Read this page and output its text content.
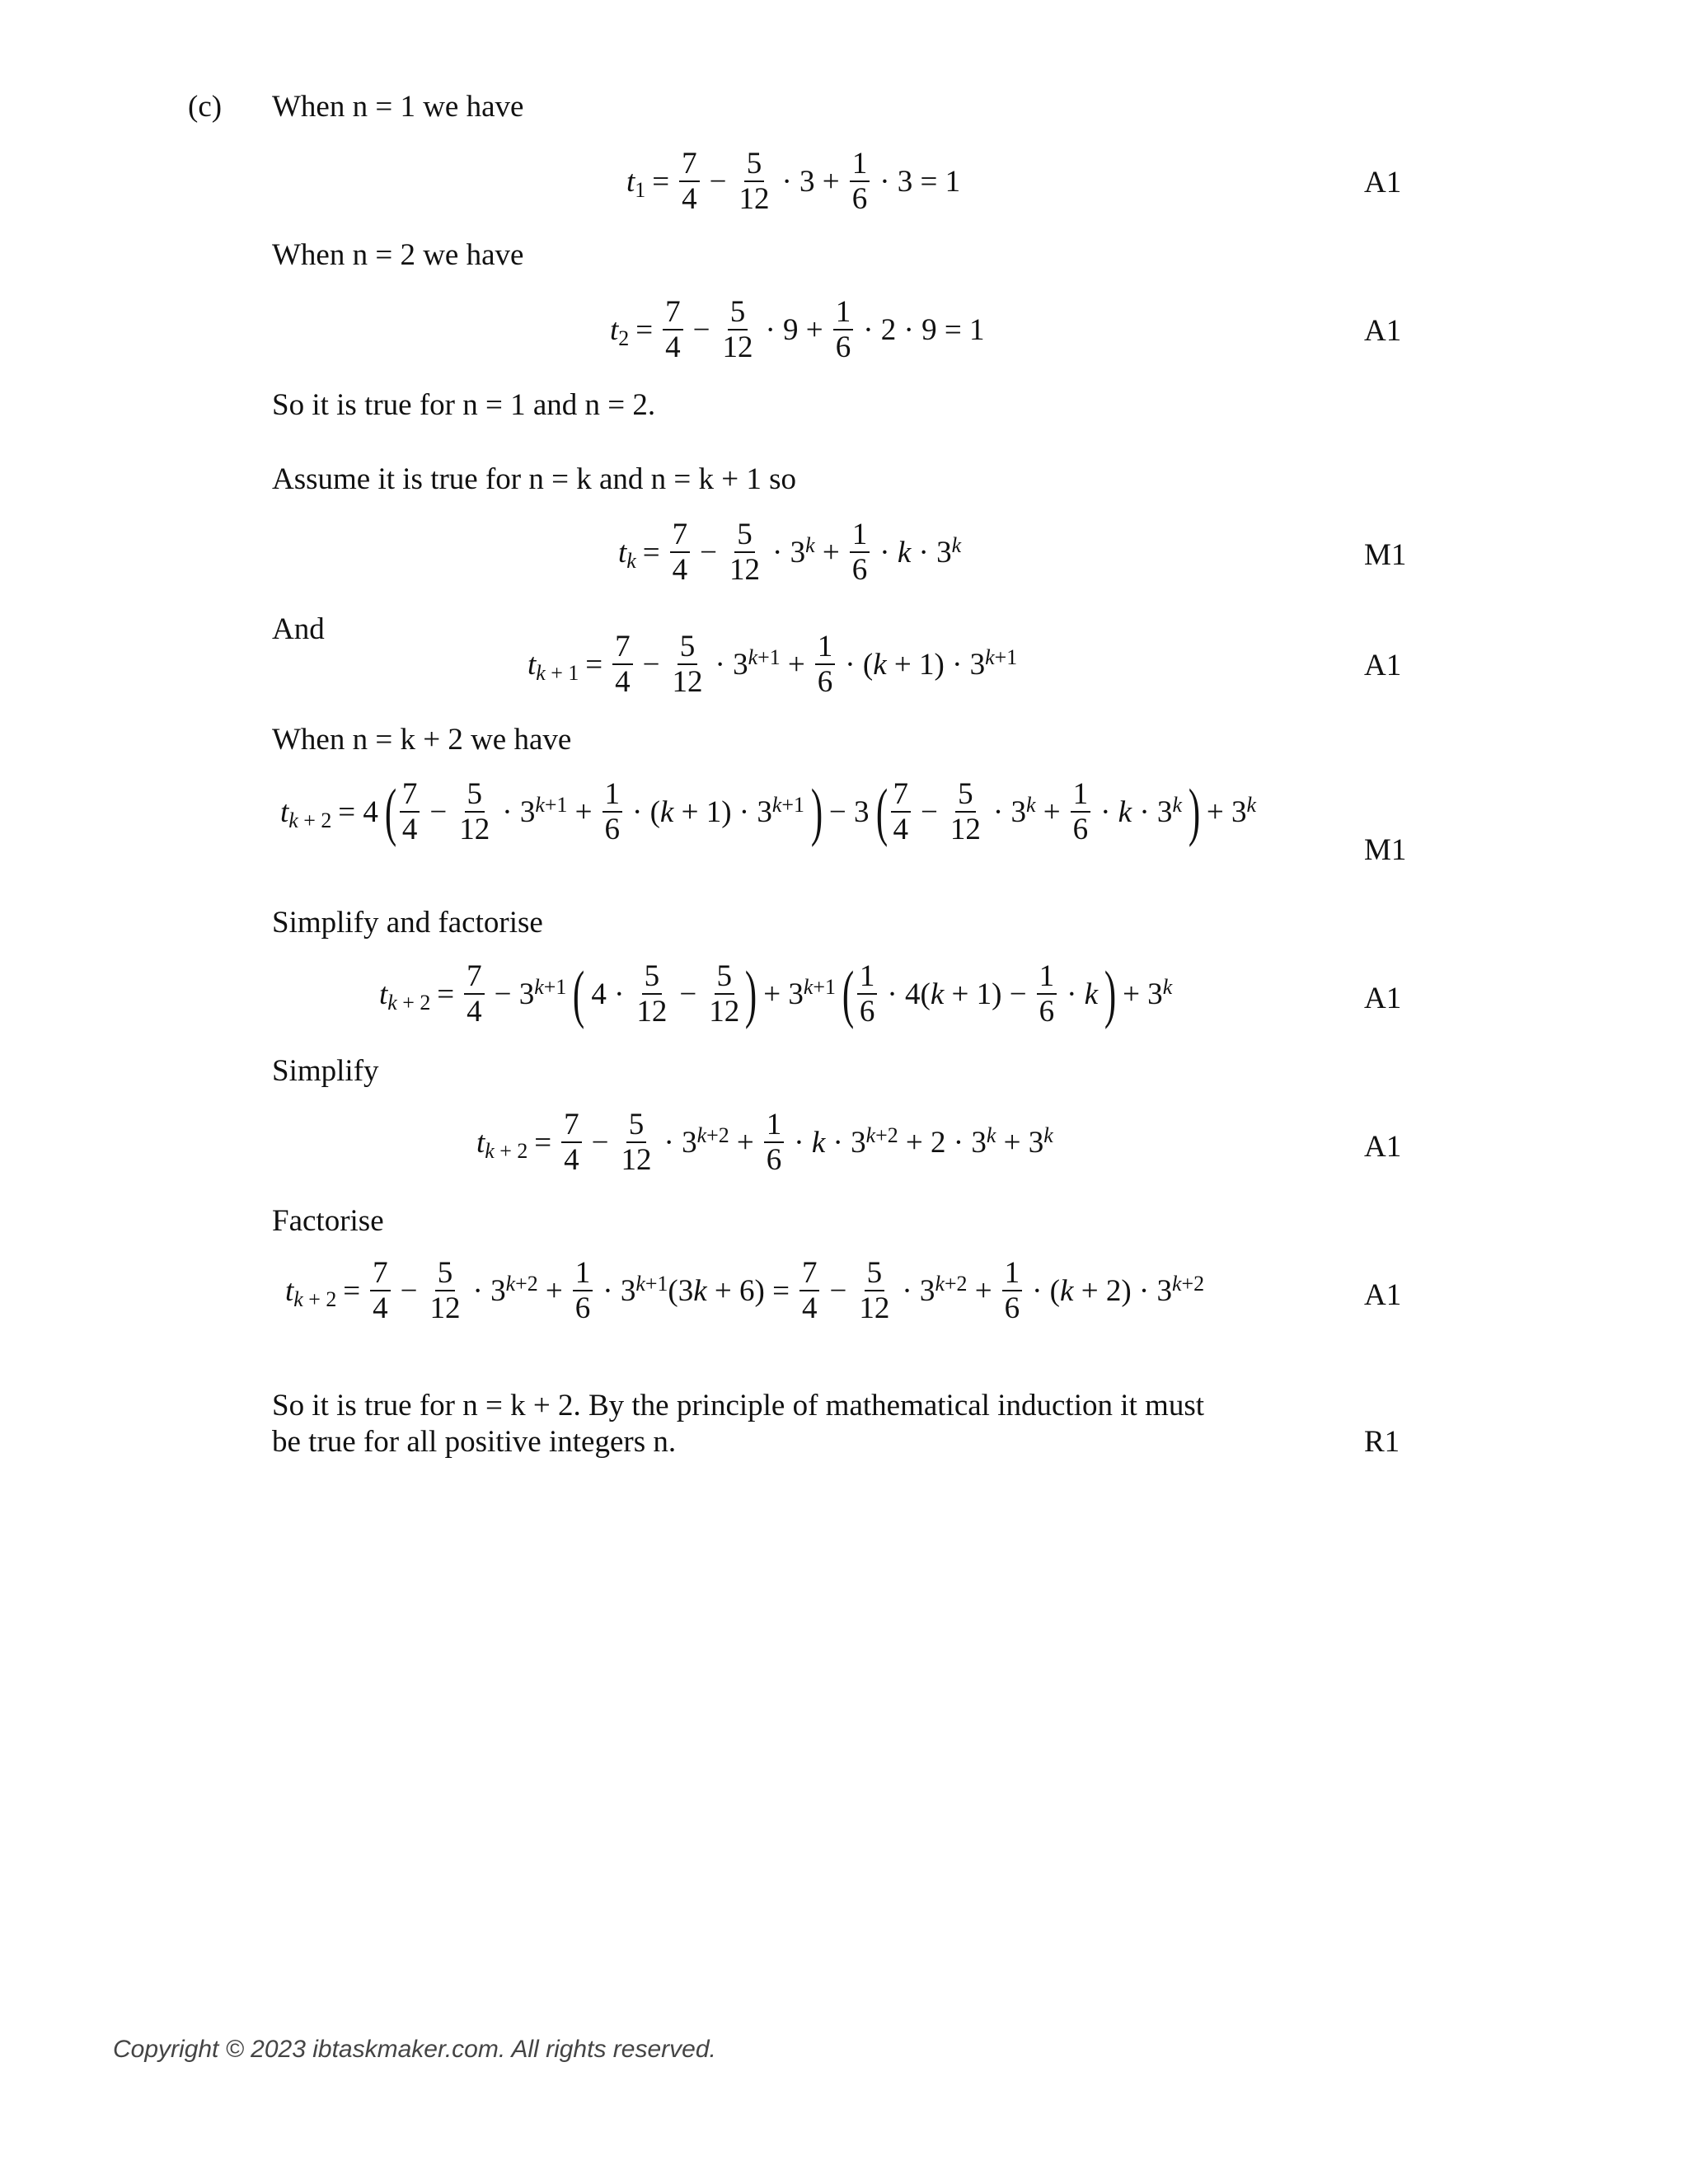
(c) When n = 1 we have
$t_1 = \frac{7}{4} - \frac{5}{12} \cdot 3 + \frac{1}{6} \cdot 3 = 1$	A1
When n = 2 we have
$t_2 = \frac{7}{4} - \frac{5}{12} \cdot 9 + \frac{1}{6} \cdot 2 \cdot 9 = 1$	A1
So it is true for n = 1 and n = 2.
Assume it is true for n = k and n = k + 1 so
$t_k = \frac{7}{4} - \frac{5}{12} \cdot 3^k + \frac{1}{6} \cdot k \cdot 3^k$	M1
And
$t_{k + 1} = \frac{7}{4} - \frac{5}{12} \cdot 3^{k+1} + \frac{1}{6} \cdot (k + 1) \cdot 3^{k+1}$	A1
When n = k + 2 we have
$t_{k + 2} = 4$ ( $\frac{7}{4} - \frac{5}{12} \cdot 3^{k+1} + \frac{1}{6} \cdot (k + 1) \cdot 3^{k+1}$ ) − 3 ( $\frac{7}{4} - \frac{5}{12} \cdot 3^k + \frac{1}{6} \cdot k \cdot 3^k$ ) + $3^k$
M1
Simplify and factorise
$t_{k + 2} = \frac{7}{4} - 3^{k+1}$ ( $4 \cdot \frac{5}{12} - \frac{5}{12}$ ) + $3^{k+1}$ ( $\frac{1}{6} \cdot 4(k + 1) - \frac{1}{6} \cdot k$ ) + $3^k$	A1
Simplify
$t_{k + 2} = \frac{7}{4} - \frac{5}{12} \cdot 3^{k+2} + \frac{1}{6} \cdot k \cdot 3^{k+2} + 2 \cdot 3^k + 3^k$	A1
Factorise
$t_{k + 2} = \frac{7}{4} - \frac{5}{12} \cdot 3^{k+2} + \frac{1}{6} \cdot 3^{k+1}(3k + 6) = \frac{7}{4} - \frac{5}{12} \cdot 3^{k+2} + \frac{1}{6} \cdot (k + 2) \cdot 3^{k+2}$	A1
So it is true for n = k + 2. By the principle of mathematical induction it must
be true for all positive integers n.	R1
Copyright © 2023 ibtaskmaker.com. All rights reserved.
